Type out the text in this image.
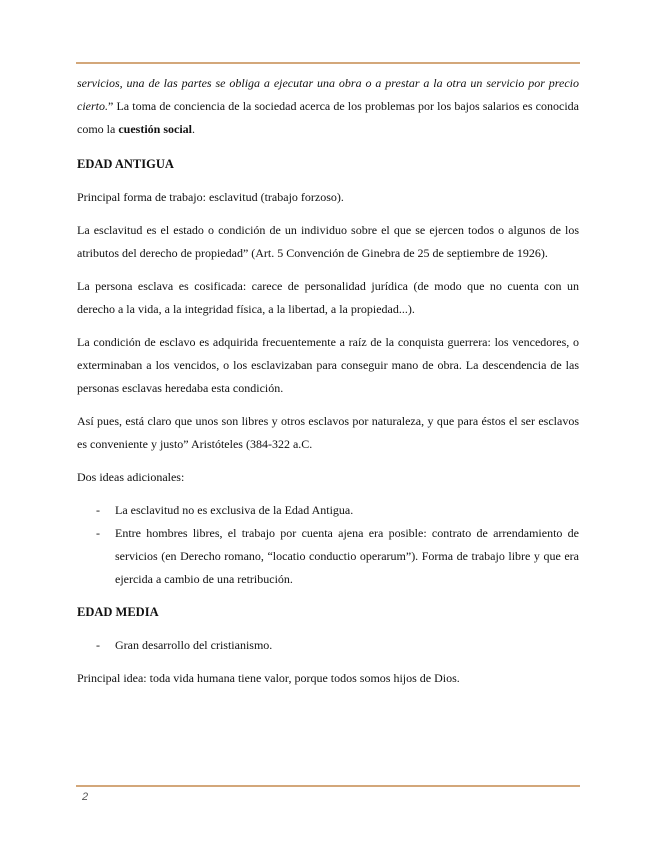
servicios, una de las partes se obliga a ejecutar una obra o a prestar a la otra un servicio por precio cierto.” La toma de conciencia de la sociedad acerca de los problemas por los bajos salarios es conocida como la cuestión social.

EDAD ANTIGUA

Principal forma de trabajo: esclavitud (trabajo forzoso).

La esclavitud es el estado o condición de un individuo sobre el que se ejercen todos o algunos de los atributos del derecho de propiedad” (Art. 5 Convención de Ginebra de 25 de septiembre de 1926).

La persona esclava es cosificada: carece de personalidad jurídica (de modo que no cuenta con un derecho a la vida, a la integridad física, a la libertad, a la propiedad...).

La condición de esclavo es adquirida frecuentemente a raíz de la conquista guerrera: los vencedores, o exterminaban a los vencidos, o los esclavizaban para conseguir mano de obra. La descendencia de las personas esclavas heredaba esta condición.

Así pues, está claro que unos son libres y otros esclavos por naturaleza, y que para éstos el ser esclavos es conveniente y justo” Aristóteles (384-322 a.C.

Dos ideas adicionales:

- La esclavitud no es exclusiva de la Edad Antigua.
- Entre hombres libres, el trabajo por cuenta ajena era posible: contrato de arrendamiento de servicios (en Derecho romano, “locatio conductio operarum”). Forma de trabajo libre y que era ejercida a cambio de una retribución.
EDAD MEDIA
- Gran desarrollo del cristianismo.

Principal idea: toda vida humana tiene valor, porque todos somos hijos de Dios.

2
